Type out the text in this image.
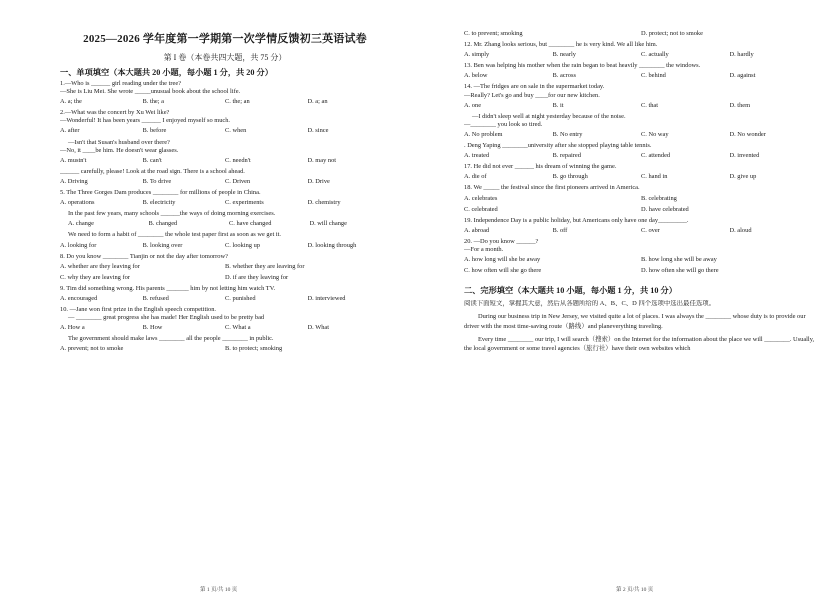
2025—2026 学年度第一学期第一次学情反馈初三英语试卷
第 I 卷（本卷共四大题，共 75 分）
一、单项填空（本大题共 20 小题，每小题 1 分，共 20 分）
1.—Who is ______ girl reading under the tree?
—She is Liu Mei. She wrote _____unusual book about the school life.
A. a; the	B. the; a	C. the; an	D. a; an
2.—What was the concert by Xu Wei like?
—Wonderful! It has been years ______ I enjoyed myself so much.
A. after	B. before	C. when	D. since
—Isn't that Susan's husband over there?
—No, it ____be him. He doesn't wear glasses.
A. mustn't	B. can't	C. needn't	D. may not
______ carefully, please! Look at the road sign. There is a school ahead.
A. Driving	B. To drive	C. Driven	D. Drive
5. The Three Gorges Dam produces ________ for millions of people in China.
A. operations	B. electricity	C. experiments	D. chemistry
In the past few years, many schools ______the ways of doing morning exercises.
A. change	B. changed	C. have changed	D. will change
We need to form a habit of ________ the whole test paper first as soon as we get it.
A. looking for	B. looking over	C. looking up	D. looking through
8. Do you know ________ Tianjin or not the day after tomorrow?
A. whether are they leaving for	B. whether they are leaving for
C. why they are leaving for	D. if are they leaving for
9. Tim did something wrong. His parents _______ him by not letting him watch TV.
A. encouraged	B. refused	C. punished	D. interviewed
10. —Jane won first prize in the English speech competition.
— ________ great progress she has made! Her English used to be pretty bad
A. How a	B. How	C. What a	D. What
The government should make laws ________ all the people ________ in public.
A. prevent; not to smoke	B. to protect; smoking
第 1 页/共 10 页
C. to prevent; smoking	D. protect; not to smoke
12. Mr. Zhang looks serious, but ________ he is very kind. We all like him.
A. simply	B. nearly	C. actually	D. hardly
13. Ben was helping his mother when the rain began to beat heavily ________ the windows.
A. below	B. across	C. behind	D. against
14. —The fridges are on sale in the supermarket today.
—Really? Let's go and buy ____for our new kitchen.
A. one	B. it	C. that	D. them
—I didn't sleep well at night yesterday because of the noise.
—________ you look so tired.
A. No problem	B. No entry	C. No way	D. No wonder
. Deng Yaping ________university after she stopped playing table tennis.
A. treated	B. repaired	C. attended	D. invented
17. He did not ever ______ his dream of winning the game.
A. die of	B. go through	C. hand in	D. give up
18. We _____ the festival since the first pioneers arrived in America.
A. celebrates	B. celebrating
C. celebrated	D. have celebrated
19. Independence Day is a public holiday, but Americans only have one day_________.
A. abroad	B. off	C. over	D. aloud
20. —Do you know ______?
—For a month.
A. how long will she be away	B. how long she will be away
C. how often will she go there	D. how often she will go there
二、完形填空（本大题共 10 小题，每小题 1 分，共 10 分）
阅读下面短文，掌握其大意，然后从各题所给的 A、B、C、D 四个选项中选出最佳选项。
During our business trip in New Jersey, we visited quite a lot of places. I was always the ________ whose duty is to provide our driver with the most time-saving route（路线）and planeverything traveling.
Every time ________ our trip, I will search（搜索）on the Internet for the information about the place we will ________. Usually, the local government or some travel agencies（旅行社）have their own websites which
第 2 页/共 10 页
